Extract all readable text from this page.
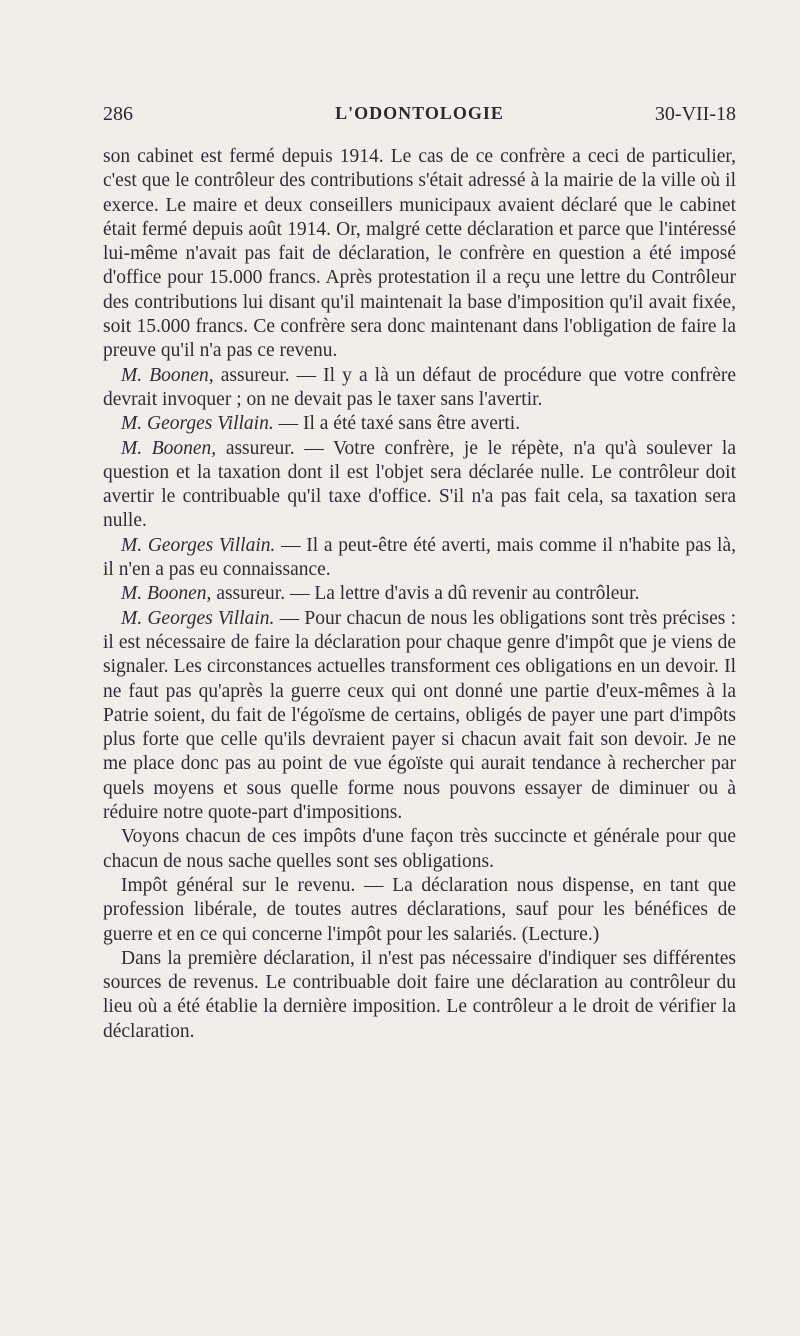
286	L'ODONTOLOGIE	30-VII-18

son cabinet est fermé depuis 1914. Le cas de ce confrère a ceci de particulier, c'est que le contrôleur des contributions s'était adressé à la mairie de la ville où il exerce. Le maire et deux conseillers municipaux avaient déclaré que le cabinet était fermé depuis août 1914. Or, malgré cette déclaration et parce que l'intéressé lui-même n'avait pas fait de déclaration, le confrère en question a été imposé d'office pour 15.000 francs. Après protestation il a reçu une lettre du Contrôleur des contributions lui disant qu'il maintenait la base d'imposition qu'il avait fixée, soit 15.000 francs. Ce confrère sera donc maintenant dans l'obligation de faire la preuve qu'il n'a pas ce revenu.

M. Boonen, assureur. — Il y a là un défaut de procédure que votre confrère devrait invoquer ; on ne devait pas le taxer sans l'avertir.

M. Georges Villain. — Il a été taxé sans être averti.

M. Boonen, assureur. — Votre confrère, je le répète, n'a qu'à soulever la question et la taxation dont il est l'objet sera déclarée nulle. Le contrôleur doit avertir le contribuable qu'il taxe d'office. S'il n'a pas fait cela, sa taxation sera nulle.

M. Georges Villain. — Il a peut-être été averti, mais comme il n'habite pas là, il n'en a pas eu connaissance.

M. Boonen, assureur. — La lettre d'avis a dû revenir au contrôleur.

M. Georges Villain. — Pour chacun de nous les obligations sont très précises : il est nécessaire de faire la déclaration pour chaque genre d'impôt que je viens de signaler. Les circonstances actuelles transforment ces obligations en un devoir. Il ne faut pas qu'après la guerre ceux qui ont donné une partie d'eux-mêmes à la Patrie soient, du fait de l'égoïsme de certains, obligés de payer une part d'impôts plus forte que celle qu'ils devraient payer si chacun avait fait son devoir. Je ne me place donc pas au point de vue égoïste qui aurait tendance à rechercher par quels moyens et sous quelle forme nous pouvons essayer de diminuer ou à réduire notre quote-part d'impositions.

Voyons chacun de ces impôts d'une façon très succincte et générale pour que chacun de nous sache quelles sont ses obligations.

Impôt général sur le revenu. — La déclaration nous dispense, en tant que profession libérale, de toutes autres déclarations, sauf pour les bénéfices de guerre et en ce qui concerne l'impôt pour les salariés. (Lecture.)

Dans la première déclaration, il n'est pas nécessaire d'indiquer ses différentes sources de revenus. Le contribuable doit faire une déclaration au contrôleur du lieu où a été établie la dernière imposition. Le contrôleur a le droit de vérifier la déclaration.
